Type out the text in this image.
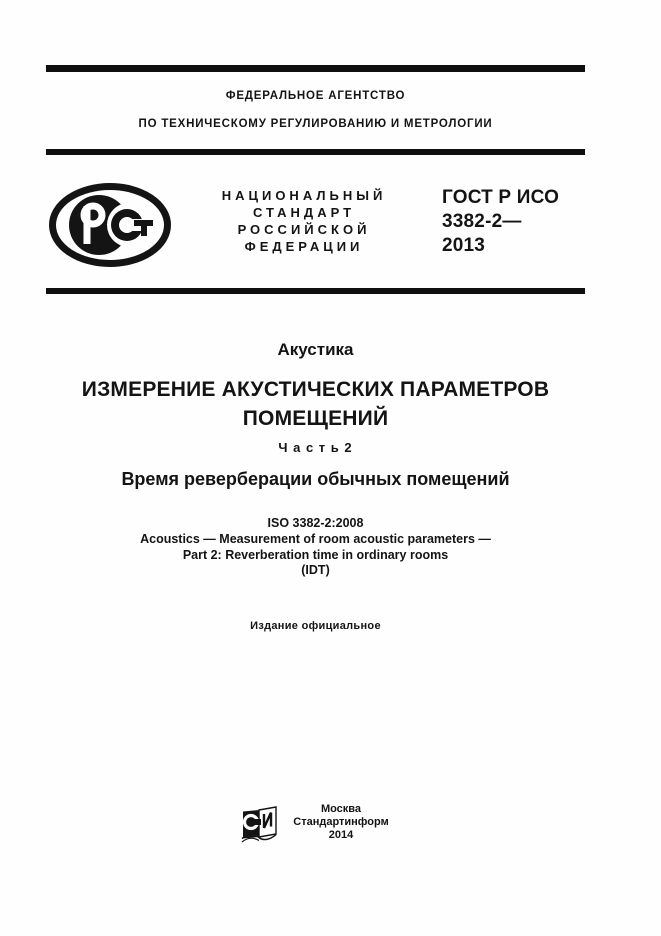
ФЕДЕРАЛЬНОЕ АГЕНТСТВО
ПО ТЕХНИЧЕСКОМУ РЕГУЛИРОВАНИЮ И МЕТРОЛОГИИ
НАЦИОНАЛЬНЫЙ
СТАНДАРТ
РОССИЙСКОЙ
ФЕДЕРАЦИИ
ГОСТ Р ИСО
3382-2—
2013
Акустика
ИЗМЕРЕНИЕ АКУСТИЧЕСКИХ ПАРАМЕТРОВ
ПОМЕЩЕНИЙ
Ч а с т ь 2
Время реверберации обычных помещений
ISO 3382-2:2008
Acoustics — Measurement of room acoustic parameters —
Part 2: Reverberation time in ordinary rooms
(IDT)
Издание официальное
Москва
Стандартинформ
2014
